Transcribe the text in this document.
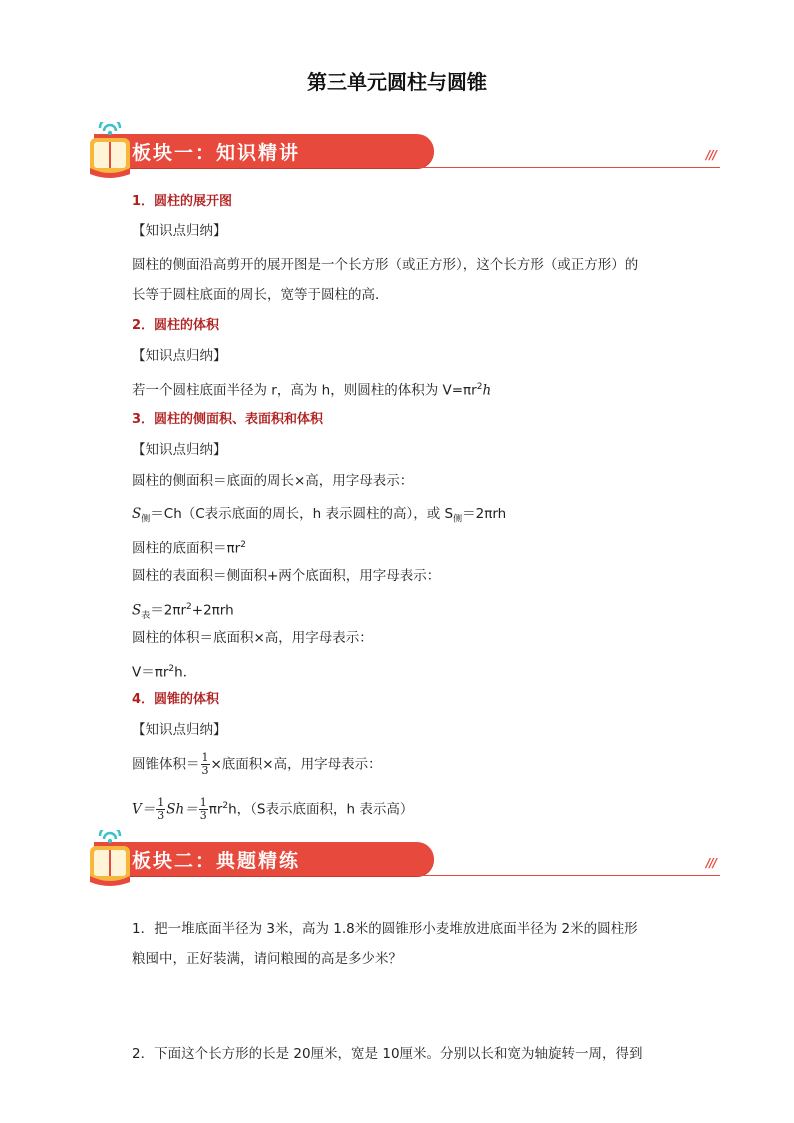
第三单元圆柱与圆锥
板块一：知识精讲	///
1．圆柱的展开图
【知识点归纳】
圆柱的侧面沿高剪开的展开图是一个长方形（或正方形），这个长方形（或正方形）的
长等于圆柱底面的周长，宽等于圆柱的高．
2．圆柱的体积
【知识点归纳】
若一个圆柱底面半径为 r，高为 h，则圆柱的体积为 $V=\pi r^2h$
3．圆柱的侧面积、表面积和体积
【知识点归纳】
圆柱的侧面积＝底面的周长×高，用字母表示：
$S_侧=Ch(C$表示底面的周长，h 表示圆柱的高），或 $S_侧=2\pi rh$
圆柱的底面积$=\pi r^2$
圆柱的表面积＝侧面积+两个底面积，用字母表示：
$S_表=2\pi r^2+2\pi rh$
圆柱的体积＝底面积×高，用字母表示：
$V=\pi r^2h$．
4．圆锥的体积
【知识点归纳】
圆锥体积＝ $\frac{1}{3}$ ×底面积×高，用字母表示：
$V= \frac{1}{3} Sh= \frac{1}{3} \pi r^2h$，（S表示底面积，h 表示高）
板块二：典题精练	///
1．把一堆底面半径为 3米，高为 1.8米的圆锥形小麦堆放进底面半径为 2米的圆柱形
粮囤中，正好装满，请问粮囤的高是多少米？
2．下面这个长方形的长是 20厘米，宽是 10厘米。分别以长和宽为轴旋转一周，得到
